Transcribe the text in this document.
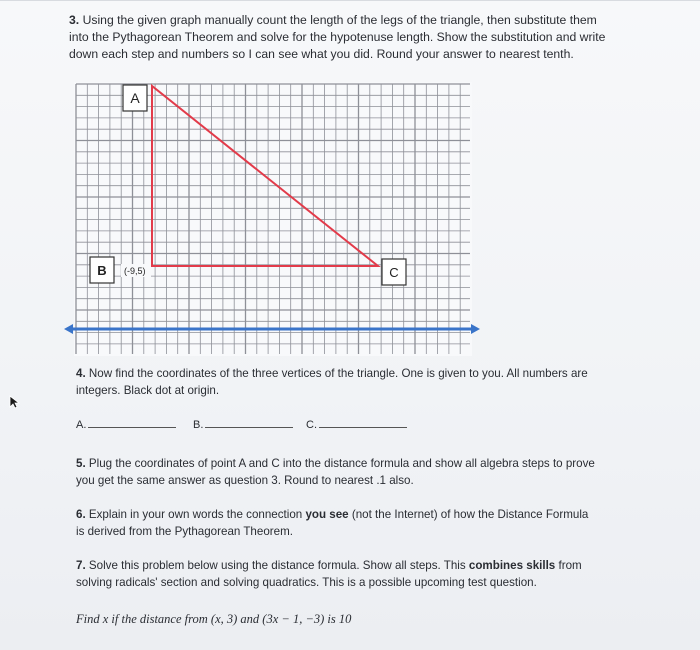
3. Using the given graph manually count the length of the legs of the triangle, then substitute them into the Pythagorean Theorem and solve for the hypotenuse length. Show the substitution and write down each step and numbers so I can see what you did. Round your answer to nearest tenth.
A
B	C
(-9,5)
4. Now find the coordinates of the three vertices of the triangle. One is given to you. All numbers are integers. Black dot at origin.
A.	B.	C.
5. Plug the coordinates of point A and C into the distance formula and show all algebra steps to prove you get the same answer as question 3. Round to nearest .1 also.
6. Explain in your own words the connection you see (not the Internet) of how the Distance Formula is derived from the Pythagorean Theorem.
7. Solve this problem below using the distance formula. Show all steps. This combines skills from solving radicals' section and solving quadratics. This is a possible upcoming test question.
Find x if the distance from (x, 3) and (3x − 1, −3) is 10
